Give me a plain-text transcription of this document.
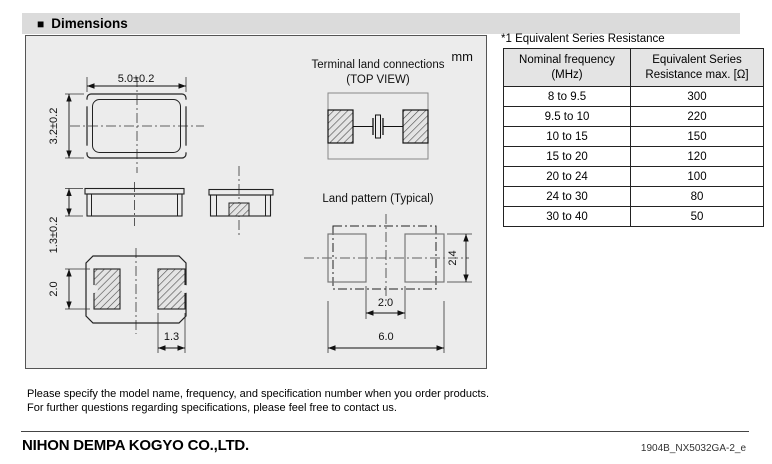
■ Dimensions
mm
5.0±0.2
3.2±0.2
1.3±0.2
2.0
1.3
Terminal land connections
(TOP VIEW)
Land pattern (Typical)
2.4
2.0
6.0
*1 Equivalent Series Resistance
Nominal frequency
(MHz)

Equivalent Series
Resistance max. [Ω]

8 to 9.5	300
9.5 to 10	220
10 to 15	150
15 to 20	120
20 to 24	100
24 to 30	80
30 to 40	50
Please specify the model name, frequency, and specification number when you order products.
For further questions regarding specifications, please feel free to contact us.
NIHON DEMPA KOGYO CO.,LTD.	1904B_NX5032GA-2_e
